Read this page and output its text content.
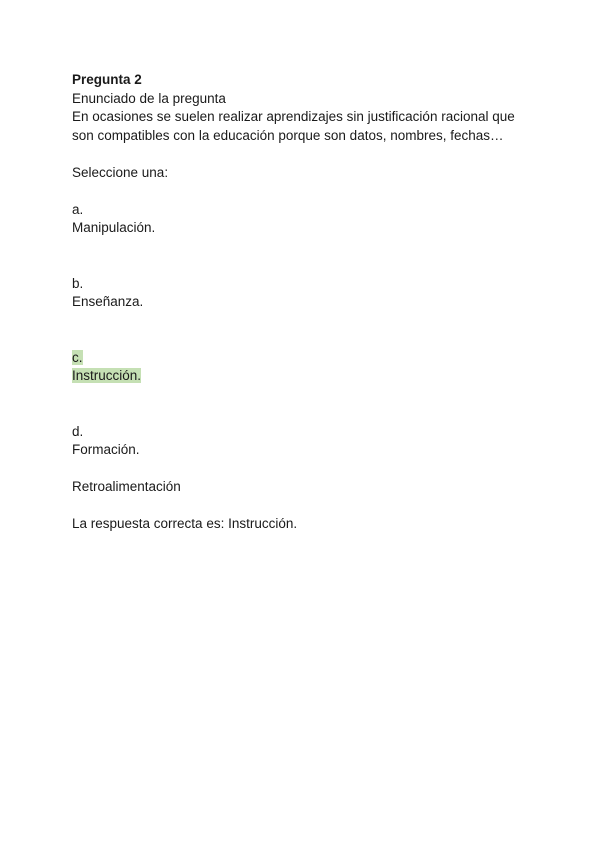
Pregunta 2
Enunciado de la pregunta
En ocasiones se suelen realizar aprendizajes sin justificación racional que son compatibles con la educación porque son datos, nombres, fechas…
Seleccione una:
a.
Manipulación.
b.
Enseñanza.
c.
Instrucción.
d.
Formación.
Retroalimentación
La respuesta correcta es: Instrucción.
